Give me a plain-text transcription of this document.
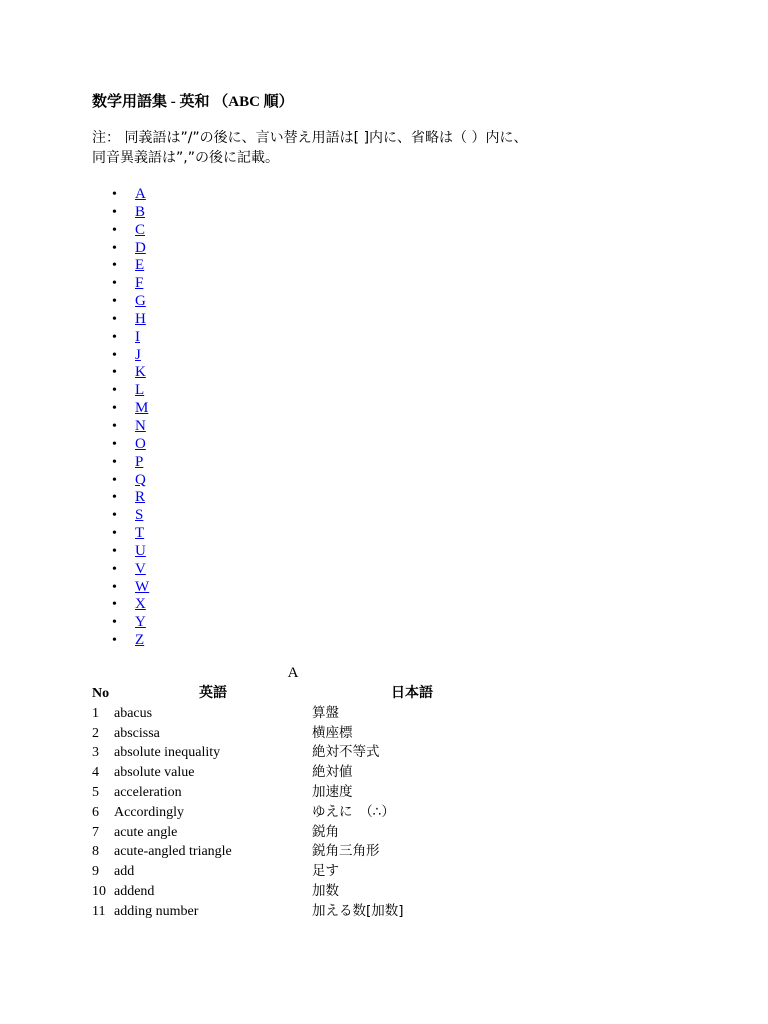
数学用語集 - 英和 （ABC 順）
注： 同義語は”/”の後に、言い替え用語は[ ]内に、省略は（ ）内に、
同音異義語は”,”の後に記載。
• A
• B
• C
• D
• E
• F
• G
• H
• I
• J
• K
• L
• M
• N
• O
• P
• Q
• R
• S
• T
• U
• V
• W
• X
• Y
• Z
A
No	英語	日本語
1	abacus	算盤
2	abscissa	横座標
3	absolute inequality	絶対不等式
4	absolute value	絶対値
5	acceleration	加速度
6	Accordingly	ゆえに　（∴）
7	acute angle	鋭角
8	acute-angled triangle	鋭角三角形
9	add	足す
10	addend	加数
11	adding number	加える数[加数]
